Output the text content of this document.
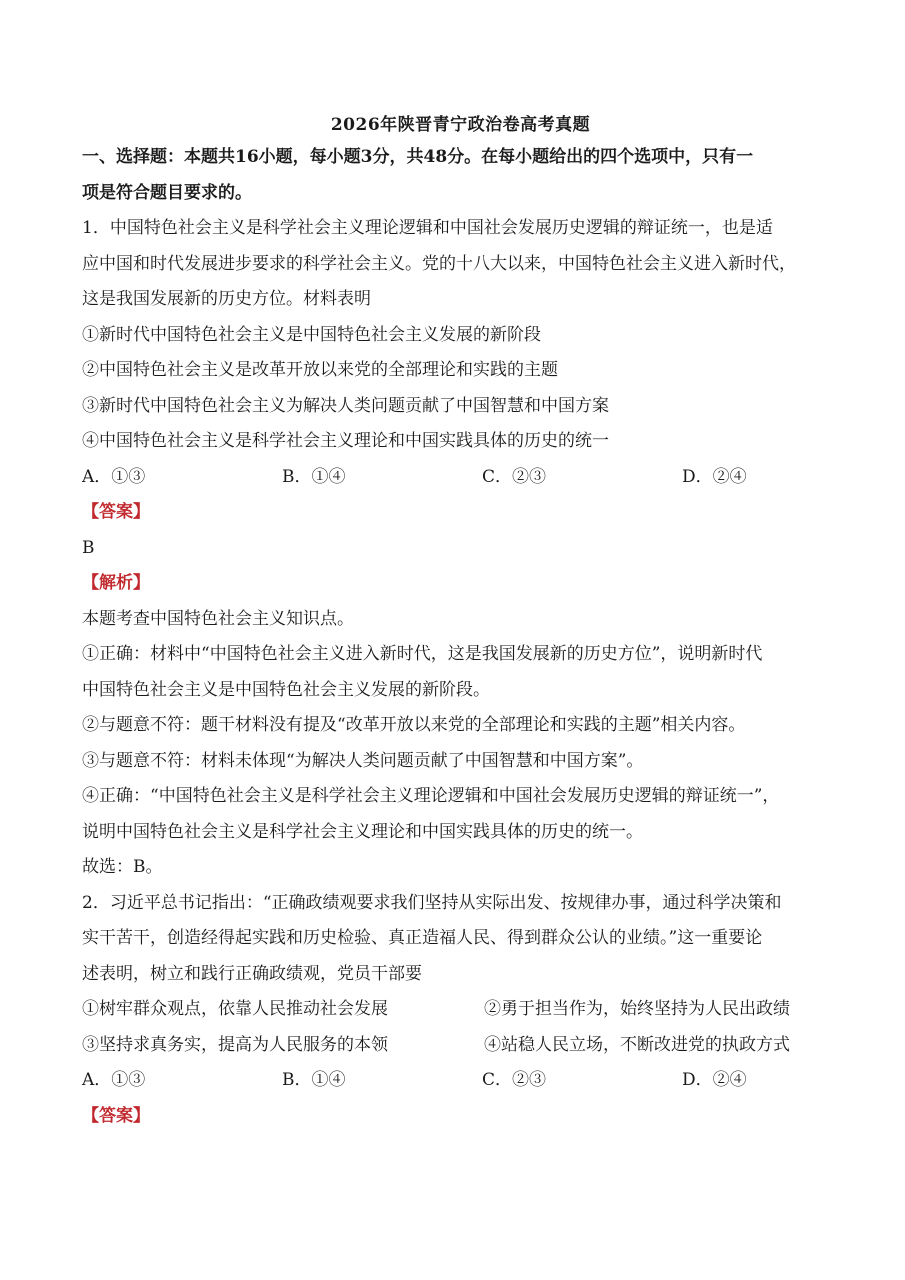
2026年陕晋青宁政治卷高考真题
一、选择题：本题共16小题，每小题3分，共48分。在每小题给出的四个选项中，只有一
项是符合题目要求的。
1．中国特色社会主义是科学社会主义理论逻辑和中国社会发展历史逻辑的辩证统一，也是适
应中国和时代发展进步要求的科学社会主义。党的十八大以来，中国特色社会主义进入新时代，
这是我国发展新的历史方位。材料表明
①新时代中国特色社会主义是中国特色社会主义发展的新阶段
②中国特色社会主义是改革开放以来党的全部理论和实践的主题
③新时代中国特色社会主义为解决人类问题贡献了中国智慧和中国方案
④中国特色社会主义是科学社会主义理论和中国实践具体的历史的统一
A．①③	B．①④	C．②③	D．②④
【答案】
B
【解析】
本题考查中国特色社会主义知识点。
①正确：材料中“中国特色社会主义进入新时代，这是我国发展新的历史方位”，说明新时代
中国特色社会主义是中国特色社会主义发展的新阶段。
②与题意不符：题干材料没有提及“改革开放以来党的全部理论和实践的主题”相关内容。
③与题意不符：材料未体现“为解决人类问题贡献了中国智慧和中国方案”。
④正确：“中国特色社会主义是科学社会主义理论逻辑和中国社会发展历史逻辑的辩证统一”，
说明中国特色社会主义是科学社会主义理论和中国实践具体的历史的统一。
故选：B。
2．习近平总书记指出：“正确政绩观要求我们坚持从实际出发、按规律办事，通过科学决策和
实干苦干，创造经得起实践和历史检验、真正造福人民、得到群众公认的业绩。”这一重要论
述表明，树立和践行正确政绩观，党员干部要
①树牢群众观点，依靠人民推动社会发展	②勇于担当作为，始终坚持为人民出政绩
③坚持求真务实，提高为人民服务的本领	④站稳人民立场，不断改进党的执政方式
A．①③	B．①④	C．②③	D．②④
【答案】
